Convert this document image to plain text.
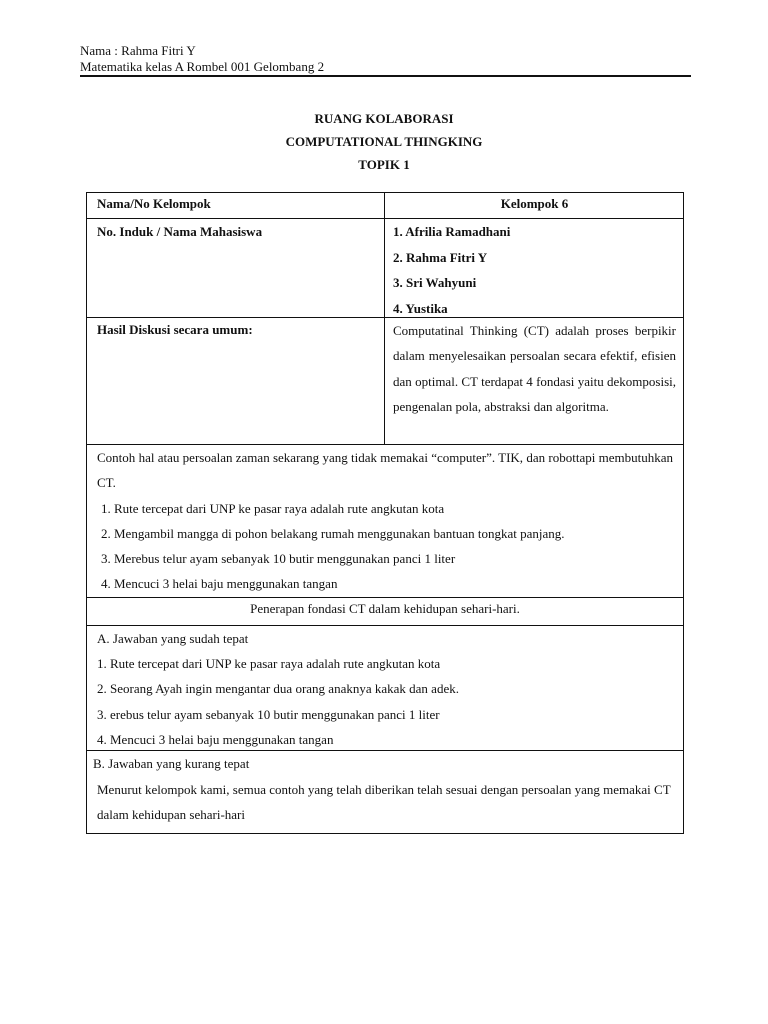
Nama : Rahma Fitri Y
Matematika kelas A Rombel 001 Gelombang 2
RUANG KOLABORASI
COMPUTATIONAL THINGKING
TOPIK 1
Nama/No Kelompok	Kelompok 6
No. Induk / Nama Mahasiswa	1. Afrilia Ramadhani
2. Rahma Fitri Y
3. Sri Wahyuni
4. Yustika
Hasil Diskusi secara umum:	Computatinal Thinking (CT) adalah proses berpikir dalam menyelesaikan persoalan secara efektif, efisien dan optimal. CT terdapat 4 fondasi yaitu dekomposisi, pengenalan pola, abstraksi dan algoritma.
Contoh hal atau persoalan zaman sekarang yang tidak memakai “computer”. TIK, dan robottapi membutuhkan CT.
1. Rute tercepat dari UNP ke pasar raya adalah rute angkutan kota
2. Mengambil mangga di pohon belakang rumah menggunakan bantuan tongkat panjang.
3. Merebus telur ayam sebanyak 10 butir menggunakan panci 1 liter
4. Mencuci 3 helai baju menggunakan tangan
Penerapan fondasi CT dalam kehidupan sehari-hari.
A. Jawaban yang sudah tepat
1. Rute tercepat dari UNP ke pasar raya adalah rute angkutan kota
2. Seorang Ayah ingin mengantar dua orang anaknya kakak dan adek.
3. erebus telur ayam sebanyak 10 butir menggunakan panci 1 liter
4. Mencuci 3 helai baju menggunakan tangan
B. Jawaban yang kurang tepat
Menurut kelompok kami, semua contoh yang telah diberikan telah sesuai dengan persoalan yang memakai CT dalam kehidupan sehari-hari
